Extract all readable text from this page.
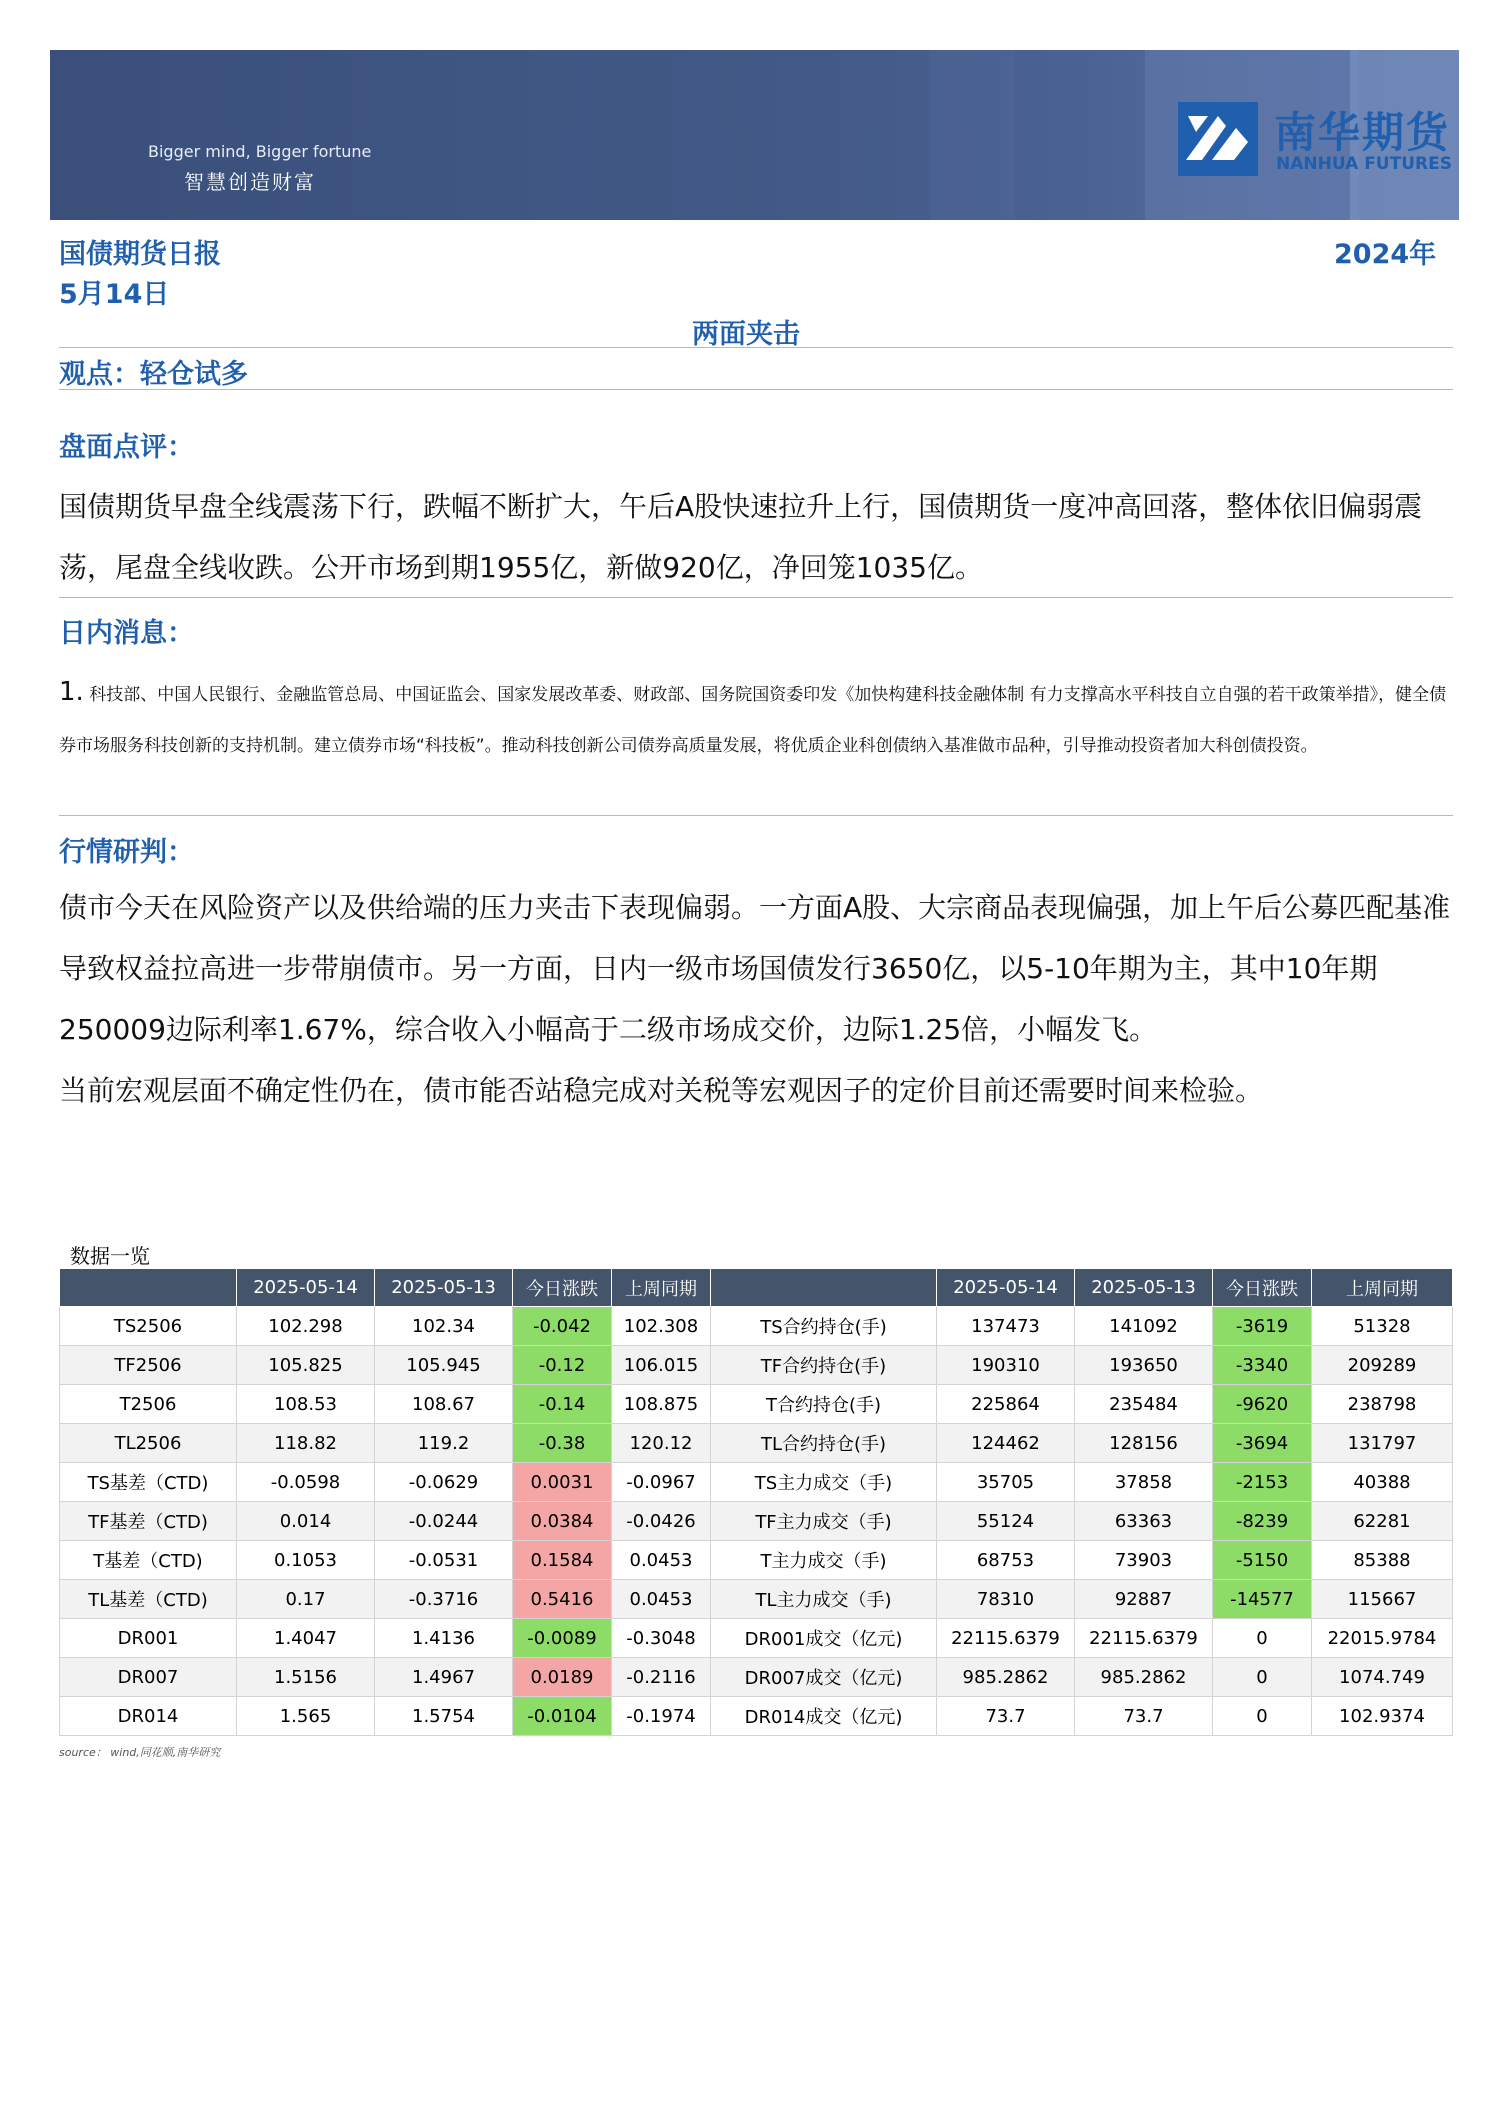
Bigger mind, Bigger fortune
智慧创造财富
南华期货
NANHUA FUTURES
国债期货日报	2024年
5月14日
两面夹击
观点：轻仓试多
盘面点评：
国债期货早盘全线震荡下行，跌幅不断扩大，午后A股快速拉升上行，国债期货一度冲高回落，整体依旧偏弱震荡，尾盘全线收跌。公开市场到期1955亿，新做920亿，净回笼1035亿。
日内消息：
1. 科技部、中国人民银行、金融监管总局、中国证监会、国家发展改革委、财政部、国务院国资委印发《加快构建科技金融体制 有力支撑高水平科技自立自强的若干政策举措》，健全债券市场服务科技创新的支持机制。建立债券市场“科技板”。推动科技创新公司债券高质量发展，将优质企业科创债纳入基准做市品种，引导推动投资者加大科创债投资。
行情研判：
债市今天在风险资产以及供给端的压力夹击下表现偏弱。一方面A股、大宗商品表现偏强，加上午后公募匹配基准导致权益拉高进一步带崩债市。另一方面，日内一级市场国债发行3650亿，以5-10年期为主，其中10年期250009边际利率1.67%，综合收入小幅高于二级市场成交价，边际1.25倍，小幅发飞。
当前宏观层面不确定性仍在，债市能否站稳完成对关税等宏观因子的定价目前还需要时间来检验。
数据一览
	2025-05-14	2025-05-13	今日涨跌	上周同期		2025-05-14	2025-05-13	今日涨跌	上周同期
TS2506	102.298	102.34	-0.042	102.308	TS合约持仓(手)	137473	141092	-3619	51328
TF2506	105.825	105.945	-0.12	106.015	TF合约持仓(手)	190310	193650	-3340	209289
T2506	108.53	108.67	-0.14	108.875	T合约持仓(手)	225864	235484	-9620	238798
TL2506	118.82	119.2	-0.38	120.12	TL合约持仓(手)	124462	128156	-3694	131797
TS基差（CTD)	-0.0598	-0.0629	0.0031	-0.0967	TS主力成交（手)	35705	37858	-2153	40388
TF基差（CTD)	0.014	-0.0244	0.0384	-0.0426	TF主力成交（手)	55124	63363	-8239	62281
T基差（CTD)	0.1053	-0.0531	0.1584	0.0453	T主力成交（手)	68753	73903	-5150	85388
TL基差（CTD)	0.17	-0.3716	0.5416	0.0453	TL主力成交（手)	78310	92887	-14577	115667
DR001	1.4047	1.4136	-0.0089	-0.3048	DR001成交（亿元)	22115.6379	22115.6379	0	22015.9784
DR007	1.5156	1.4967	0.0189	-0.2116	DR007成交（亿元)	985.2862	985.2862	0	1074.749
DR014	1.565	1.5754	-0.0104	-0.1974	DR014成交（亿元)	73.7	73.7	0	102.9374
source： wind,同花顺,南华研究
